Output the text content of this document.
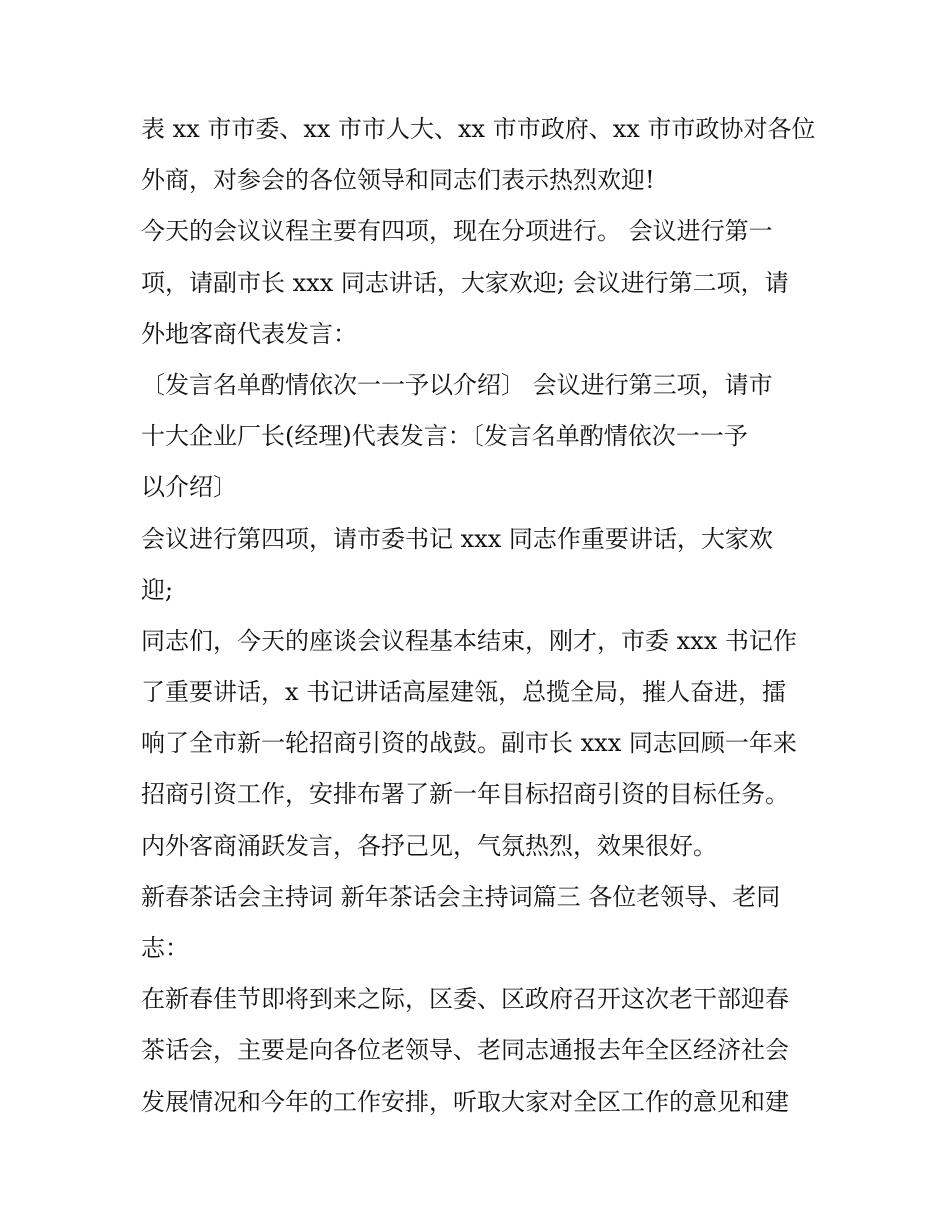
表 xx 市市委、xx 市市人大、xx 市市政府、xx 市市政协对各位
外商，对参会的各位领导和同志们表示热烈欢迎!
今天的会议议程主要有四项，现在分项进行。 会议进行第一
项，请副市长 xxx 同志讲话，大家欢迎; 会议进行第二项，请
外地客商代表发言：
〔发言名单酌情依次一一予以介绍〕 会议进行第三项，请市
十大企业厂长(经理)代表发言：〔发言名单酌情依次一一予
以介绍〕
会议进行第四项，请市委书记 xxx 同志作重要讲话，大家欢
迎;
同志们，今天的座谈会议程基本结束，刚才，市委 xxx 书记作
了重要讲话，x 书记讲话高屋建瓴，总揽全局，摧人奋进，擂
响了全市新一轮招商引资的战鼓。副市长 xxx 同志回顾一年来
招商引资工作，安排布署了新一年目标招商引资的目标任务。
内外客商涌跃发言，各抒己见，气氛热烈，效果很好。
新春茶话会主持词 新年茶话会主持词篇三 各位老领导、老同
志：
在新春佳节即将到来之际，区委、区政府召开这次老干部迎春
茶话会，主要是向各位老领导、老同志通报去年全区经济社会
发展情况和今年的工作安排，听取大家对全区工作的意见和建
